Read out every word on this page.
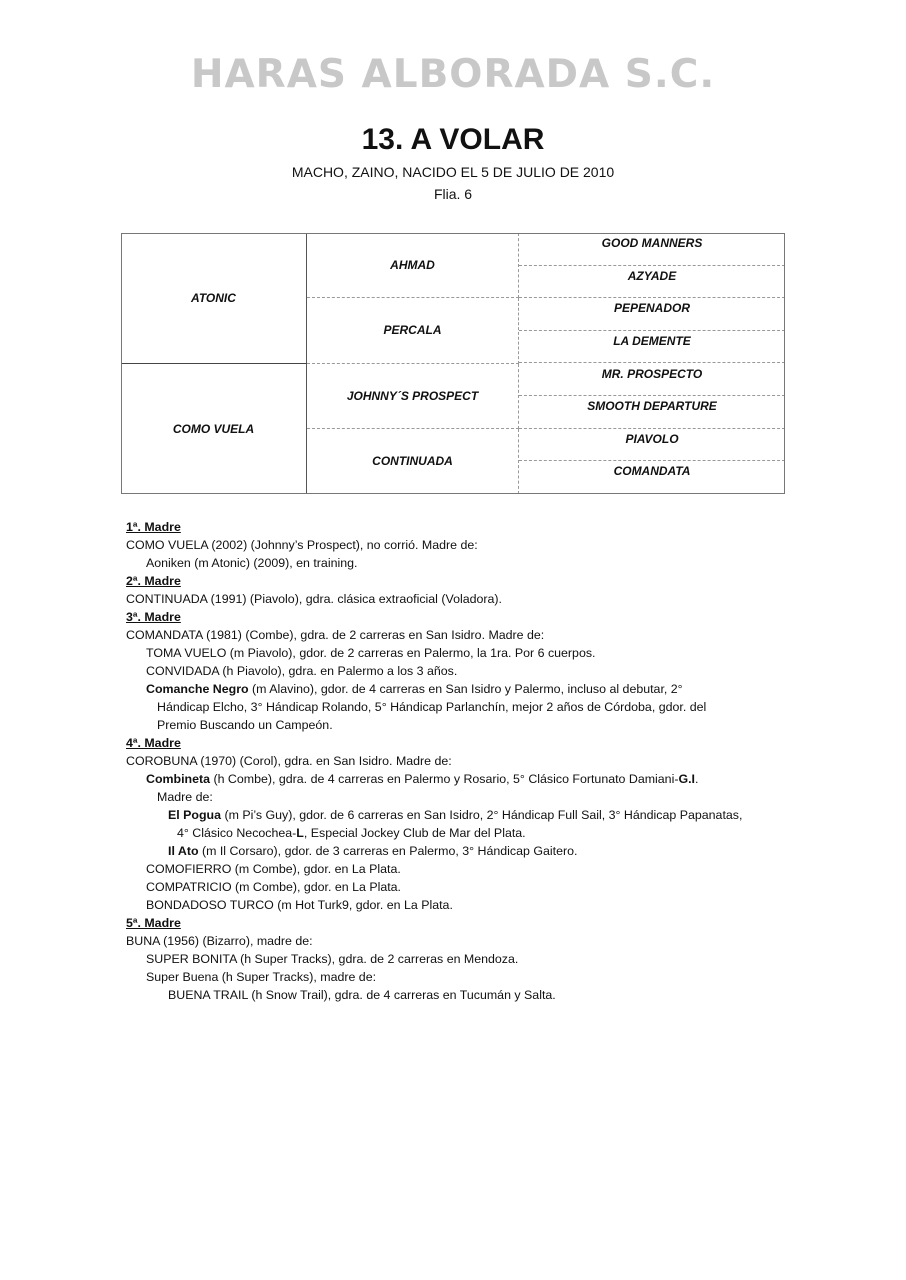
HARAS ALBORADA S.C.
13. A VOLAR
MACHO, ZAINO, NACIDO EL 5 DE JULIO DE 2010
Flia. 6
ATONIC
COMO VUELA
AHMAD
PERCALA
JOHNNY´S PROSPECT
CONTINUADA
GOOD MANNERS
AZYADE
PEPENADOR
LA DEMENTE
MR. PROSPECTO
SMOOTH DEPARTURE
PIAVOLO
COMANDATA
1ª. Madre
COMO VUELA (2002) (Johnny’s Prospect), no corrió. Madre de:
Aoniken (m Atonic) (2009), en training.
2ª. Madre
CONTINUADA (1991) (Piavolo), gdra. clásica extraoficial (Voladora).
3ª. Madre
COMANDATA (1981) (Combe), gdra. de 2 carreras en San Isidro. Madre de:
TOMA VUELO (m Piavolo), gdor. de 2 carreras en Palermo, la 1ra. Por 6 cuerpos.
CONVIDADA (h Piavolo), gdra. en Palermo a los 3 años.
Comanche Negro (m Alavino), gdor. de 4 carreras en San Isidro y Palermo, incluso al debutar, 2°
Hándicap Elcho, 3° Hándicap Rolando, 5° Hándicap Parlanchín, mejor 2 años de Córdoba, gdor. del
Premio Buscando un Campeón.
4ª. Madre
COROBUNA (1970) (Corol), gdra. en San Isidro. Madre de:
Combineta (h Combe), gdra. de 4 carreras en Palermo y Rosario, 5° Clásico Fortunato Damiani-G.I.
Madre de:
El Pogua (m Pi’s Guy), gdor. de 6 carreras en San Isidro, 2° Hándicap Full Sail, 3° Hándicap Papanatas,
4° Clásico Necochea-L, Especial Jockey Club de Mar del Plata.
Il Ato (m Il Corsaro), gdor. de 3 carreras en Palermo, 3° Hándicap Gaitero.
COMOFIERRO (m Combe), gdor. en La Plata.
COMPATRICIO (m Combe), gdor. en La Plata.
BONDADOSO TURCO (m Hot Turk9, gdor. en La Plata.
5ª. Madre
BUNA (1956) (Bizarro), madre de:
SUPER BONITA (h Super Tracks), gdra. de 2 carreras en Mendoza.
Super Buena (h Super Tracks), madre de:
BUENA TRAIL (h Snow Trail), gdra. de 4 carreras en Tucumán y Salta.
